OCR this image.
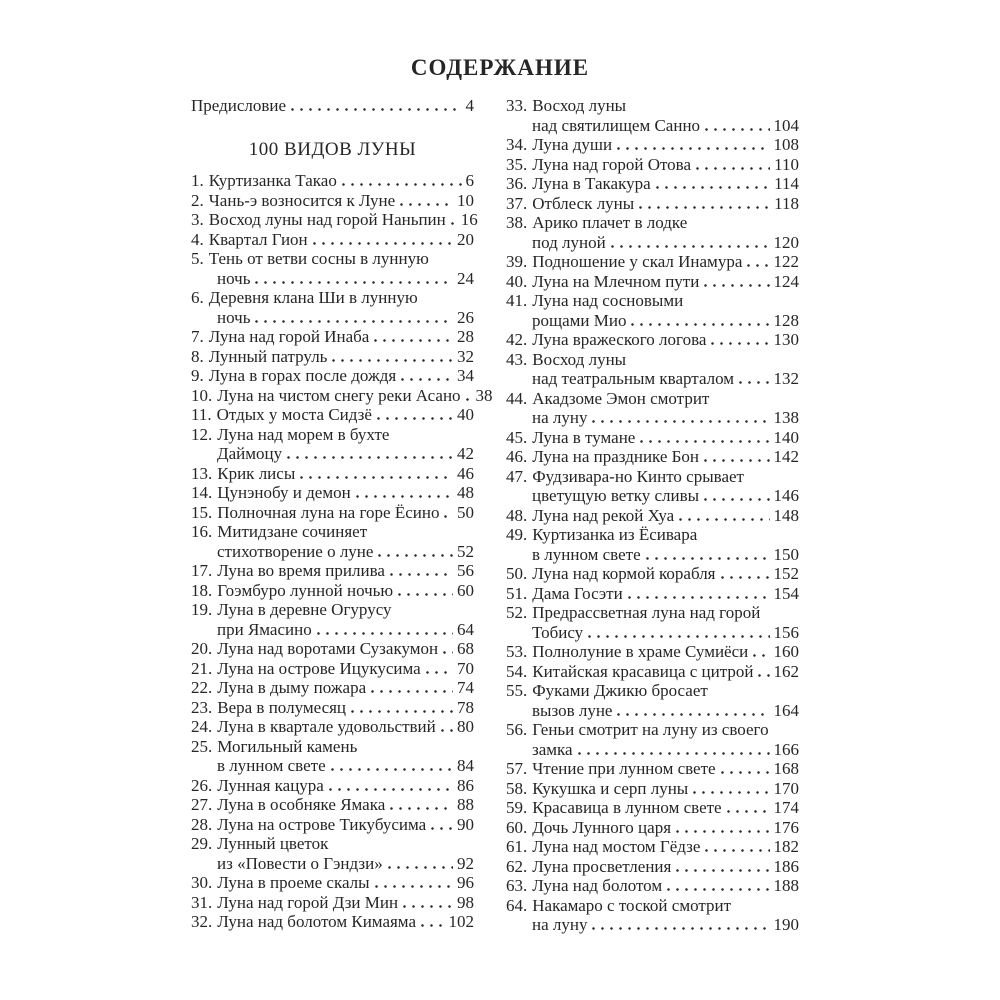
СОДЕРЖАНИЕ
Предисловие	4
100 ВИДОВ ЛУНЫ
1. Куртизанка Такао	6
2. Чань-э возносится к Луне	10
3. Восход луны над горой Наньпин 16
4. Квартал Гион	20
5. Тень от ветви сосны в лунную
ночь	24
6. Деревня клана Ши в лунную
ночь	26
7. Луна над горой Инаба	28
8. Лунный патруль	32
9. Луна в горах после дождя	34
10. Луна на чистом снегу реки Асано 38
11. Отдых у моста Сидзё	40
12. Луна над морем в бухте
Даймоцу	42
13. Крик лисы	46
14. Цунэнобу и демон	48
15. Полночная луна на горе Ёсино 50
16. Митидзане сочиняет
стихотворение о луне	52
17. Луна во время прилива	56
18. Гоэмбуро лунной ночью	60
19. Луна в деревне Огурусу
при Ямасино	64
20. Луна над воротами Сузакумон 68
21. Луна на острове Ицукусима 70
22. Луна в дыму пожара	74
23. Вера в полумесяц	78
24. Луна в квартале удовольствий 80
25. Могильный камень
в лунном свете	84
26. Лунная кацура	86
27. Луна в особняке Ямака	88
28. Луна на острове Тикубусима 90
29. Лунный цветок
из «Повести о Гэндзи»	92
30. Луна в проеме скалы	96
31. Луна над горой Дзи Мин	98
32. Луна над болотом Кимаяма 102
33. Восход луны
над святилищем Санно	104
34. Луна души	108
35. Луна над горой Отова	110
36. Луна в Такакура	114
37. Отблеск луны	118
38. Арико плачет в лодке
под луной	120
39. Подношение у скал Инамура 122
40. Луна на Млечном пути	124
41. Луна над сосновыми
рощами Мио	128
42. Луна вражеского логова	130
43. Восход луны
над театральным кварталом 132
44. Акадзоме Эмон смотрит
на луну	138
45. Луна в тумане	140
46. Луна на празднике Бон	142
47. Фудзивара-но Кинто срывает
цветущую ветку сливы	146
48. Луна над рекой Хуа	148
49. Куртизанка из Ёсивара
в лунном свете	150
50. Луна над кормой корабля	152
51. Дама Госэти	154
52. Предрассветная луна над горой
Тобису	156
53. Полнолуние в храме Сумиёси 160
54. Китайская красавица с цитрой 162
55. Фуками Джикю бросает
вызов луне	164
56. Геньи смотрит на луну из своего
замка	166
57. Чтение при лунном свете	168
58. Кукушка и серп луны	170
59. Красавица в лунном свете	174
60. Дочь Лунного царя	176
61. Луна над мостом Гёдзе	182
62. Луна просветления	186
63. Луна над болотом	188
64. Накамаро с тоской смотрит
на луну	190
